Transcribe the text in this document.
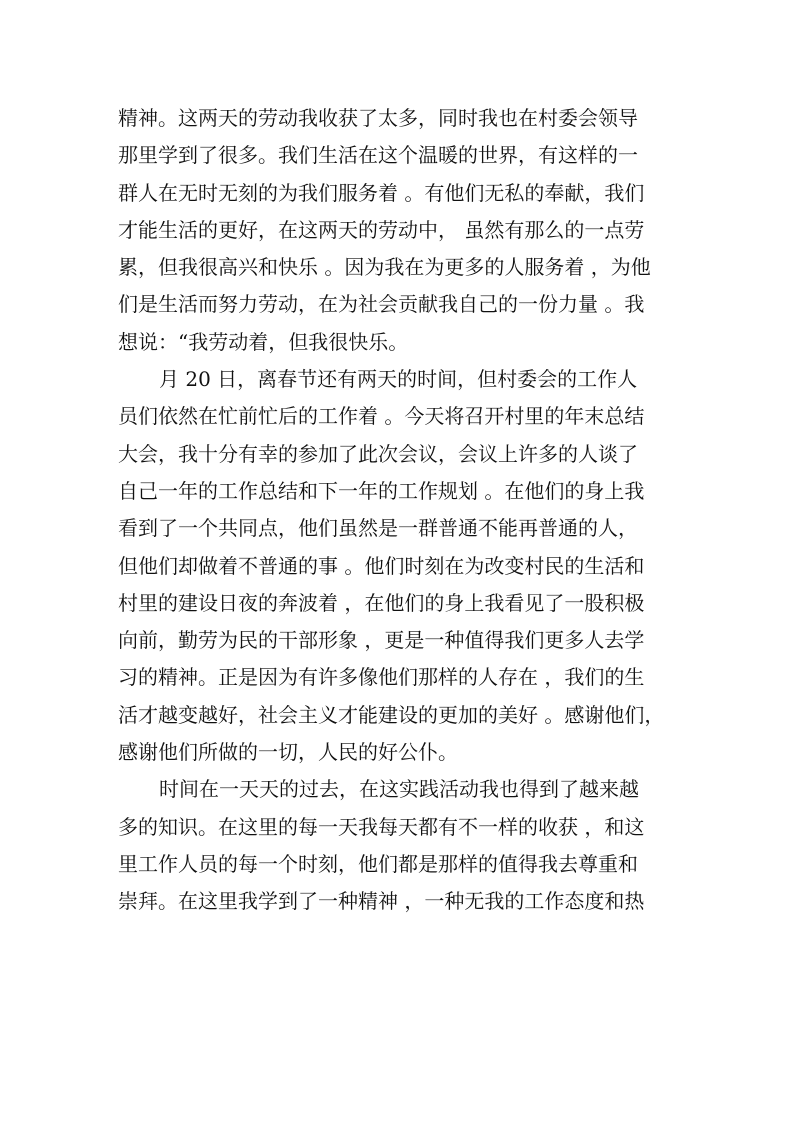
精神。这两天的劳动我收获了太多，同时我也在村委会领导
那里学到了很多。我们生活在这个温暖的世界，有这样的一
群人在无时无刻的为我们服务着 。有他们无私的奉献，我们
才能生活的更好，在这两天的劳动中， 虽然有那么的一点劳
累，但我很高兴和快乐 。因为我在为更多的人服务着 ，为他
们是生活而努力劳动，在为社会贡献我自己的一份力量 。我
想说：“我劳动着，但我很快乐。
月 20 日，离春节还有两天的时间，但村委会的工作人
员们依然在忙前忙后的工作着 。今天将召开村里的年末总结
大会，我十分有幸的参加了此次会议，会议上许多的人谈了
自己一年的工作总结和下一年的工作规划 。在他们的身上我
看到了一个共同点，他们虽然是一群普通不能再普通的人，
但他们却做着不普通的事 。他们时刻在为改变村民的生活和
村里的建设日夜的奔波着 ，在他们的身上我看见了一股积极
向前，勤劳为民的干部形象 ，更是一种值得我们更多人去学
习的精神。正是因为有许多像他们那样的人存在 ，我们的生
活才越变越好，社会主义才能建设的更加的美好 。感谢他们，
感谢他们所做的一切，人民的好公仆。
时间在一天天的过去，在这实践活动我也得到了越来越
多的知识。在这里的每一天我每天都有不一样的收获 ，和这
里工作人员的每一个时刻，他们都是那样的值得我去尊重和
崇拜。在这里我学到了一种精神 ，一种无我的工作态度和热
